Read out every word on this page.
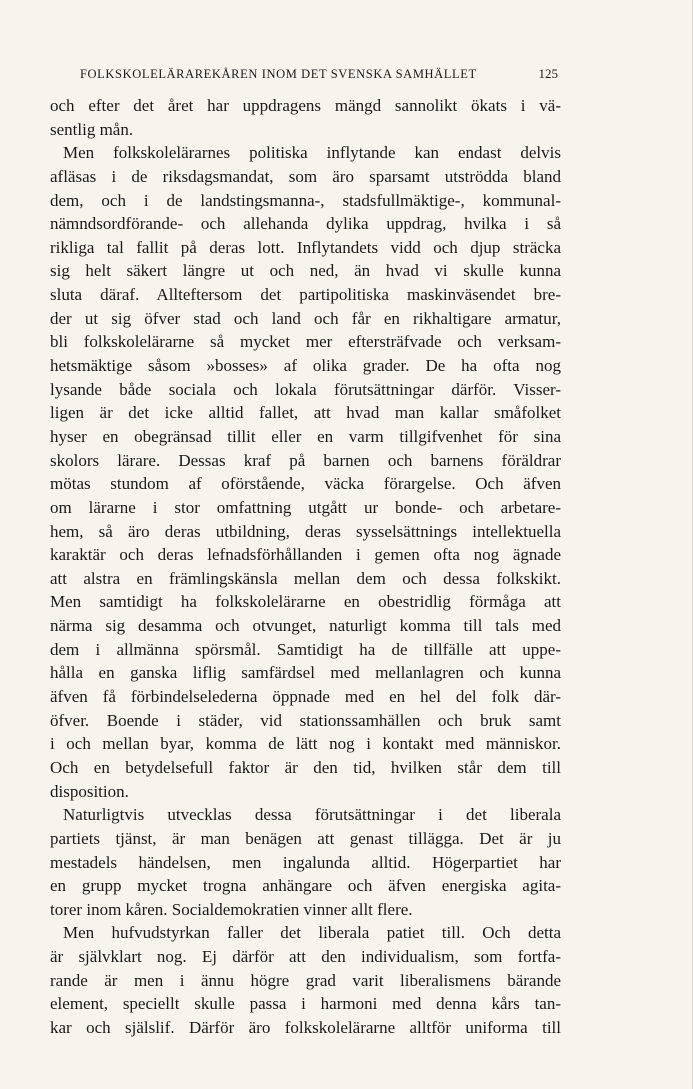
FOLKSKOLELÄRAREKÅREN INOM DET SVENSKA SAMHÄLLET	125
och efter det året har uppdragens mängd sannolikt ökats i vä-
sentlig mån.
Men folkskolelärarnes politiska inflytande kan endast delvis
afläsas i de riksdagsmandat, som äro sparsamt utströdda bland
dem, och i de landstingsmanna-, stadsfullmäktige-, kommunal-
nämndsordförande- och allehanda dylika uppdrag, hvilka i så
rikliga tal fallit på deras lott. Inflytandets vidd och djup sträcka
sig helt säkert längre ut och ned, än hvad vi skulle kunna
sluta däraf. Allteftersom det partipolitiska maskinväsendet bre-
der ut sig öfver stad och land och får en rikhaltigare armatur,
bli folkskolelärarne så mycket mer eftersträfvade och verksam-
hetsmäktige såsom »bosses» af olika grader. De ha ofta nog
lysande både sociala och lokala förutsättningar därför. Visser-
ligen är det icke alltid fallet, att hvad man kallar småfolket
hyser en obegränsad tillit eller en varm tillgifvenhet för sina
skolors lärare. Dessas kraf på barnen och barnens föräldrar
mötas stundom af oförstående, väcka förargelse. Och äfven
om lärarne i stor omfattning utgått ur bonde- och arbetare-
hem, så äro deras utbildning, deras sysselsättnings intellektuella
karaktär och deras lefnadsförhållanden i gemen ofta nog ägnade
att alstra en främlingskänsla mellan dem och dessa folkskikt.
Men samtidigt ha folkskolelärarne en obestridlig förmåga att
närma sig desamma och otvunget, naturligt komma till tals med
dem i allmänna spörsmål. Samtidigt ha de tillfälle att uppe-
hålla en ganska liflig samfärdsel med mellanlagren och kunna
äfven få förbindelselederna öppnade med en hel del folk där-
öfver. Boende i städer, vid stationssamhällen och bruk samt
i och mellan byar, komma de lätt nog i kontakt med människor.
Och en betydelsefull faktor är den tid, hvilken står dem till
disposition.
Naturligtvis utvecklas dessa förutsättningar i det liberala
partiets tjänst, är man benägen att genast tillägga. Det är ju
mestadels händelsen, men ingalunda alltid. Högerpartiet har
en grupp mycket trogna anhängare och äfven energiska agita-
torer inom kåren. Socialdemokratien vinner allt flere.
Men hufvudstyrkan faller det liberala patiet till. Och detta
är självklart nog. Ej därför att den individualism, som fortfa-
rande är men i ännu högre grad varit liberalismens bärande
element, speciellt skulle passa i harmoni med denna kårs tan-
kar och själslif. Därför äro folkskolelärarne alltför uniforma till
